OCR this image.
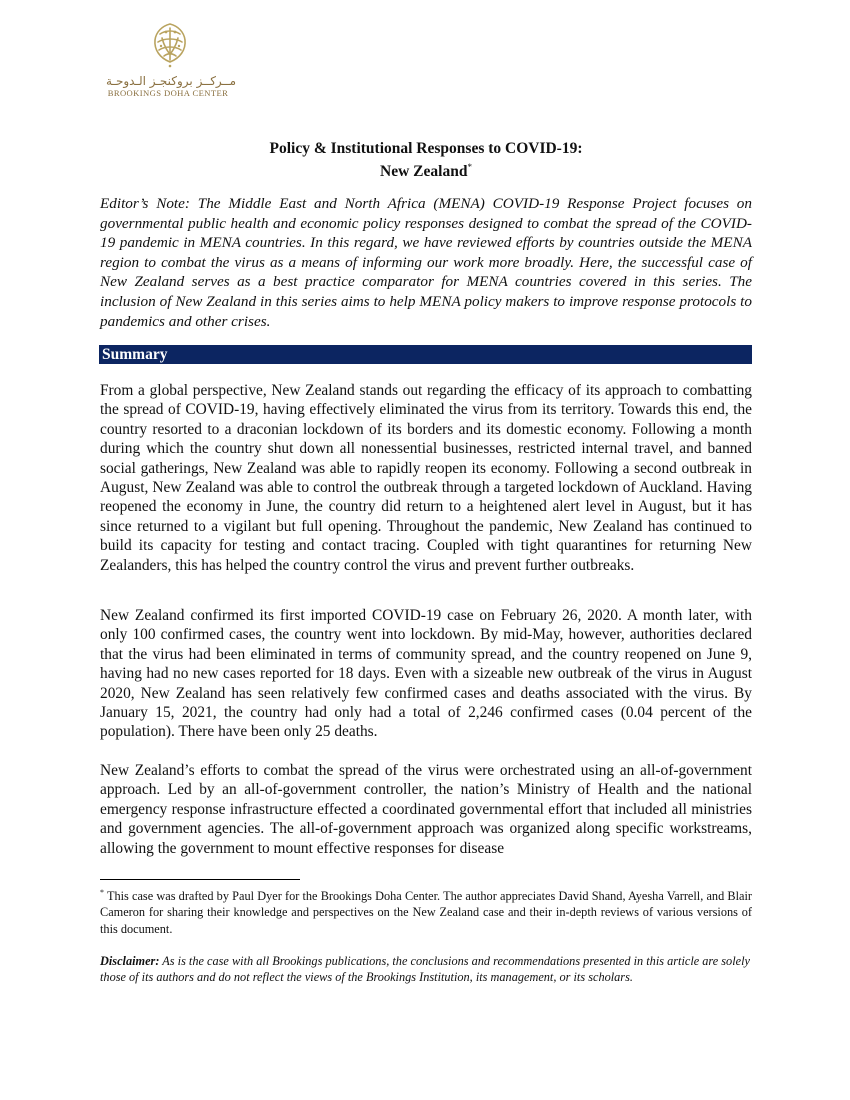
مــركــز بروكنجـز الـدوحـة
BROOKINGS DOHA CENTER
Policy & Institutional Responses to COVID-19:
New Zealand*
Editor’s Note: The Middle East and North Africa (MENA) COVID-19 Response Project focuses on governmental public health and economic policy responses designed to combat the spread of the COVID-19 pandemic in MENA countries. In this regard, we have reviewed efforts by countries outside the MENA region to combat the virus as a means of informing our work more broadly. Here, the successful case of New Zealand serves as a best practice comparator for MENA countries covered in this series. The inclusion of New Zealand in this series aims to help MENA policy makers to improve response protocols to pandemics and other crises.
Summary
From a global perspective, New Zealand stands out regarding the efficacy of its approach to combatting the spread of COVID-19, having effectively eliminated the virus from its territory. Towards this end, the country resorted to a draconian lockdown of its borders and its domestic economy. Following a month during which the country shut down all nonessential businesses, restricted internal travel, and banned social gatherings, New Zealand was able to rapidly reopen its economy. Following a second outbreak in August, New Zealand was able to control the outbreak through a targeted lockdown of Auckland. Having reopened the economy in June, the country did return to a heightened alert level in August, but it has since returned to a vigilant but full opening. Throughout the pandemic, New Zealand has continued to build its capacity for testing and contact tracing. Coupled with tight quarantines for returning New Zealanders, this has helped the country control the virus and prevent further outbreaks.
New Zealand confirmed its first imported COVID-19 case on February 26, 2020. A month later, with only 100 confirmed cases, the country went into lockdown. By mid-May, however, authorities declared that the virus had been eliminated in terms of community spread, and the country reopened on June 9, having had no new cases reported for 18 days. Even with a sizeable new outbreak of the virus in August 2020, New Zealand has seen relatively few confirmed cases and deaths associated with the virus. By January 15, 2021, the country had only had a total of 2,246 confirmed cases (0.04 percent of the population). There have been only 25 deaths.
New Zealand’s efforts to combat the spread of the virus were orchestrated using an all-of-government approach. Led by an all-of-government controller, the nation’s Ministry of Health and the national emergency response infrastructure effected a coordinated governmental effort that included all ministries and government agencies. The all-of-government approach was organized along specific workstreams, allowing the government to mount effective responses for disease
* This case was drafted by Paul Dyer for the Brookings Doha Center. The author appreciates David Shand, Ayesha Varrell, and Blair Cameron for sharing their knowledge and perspectives on the New Zealand case and their in-depth reviews of various versions of this document.
Disclaimer: As is the case with all Brookings publications, the conclusions and recommendations presented in this article are solely those of its authors and do not reflect the views of the Brookings Institution, its management, or its scholars.
